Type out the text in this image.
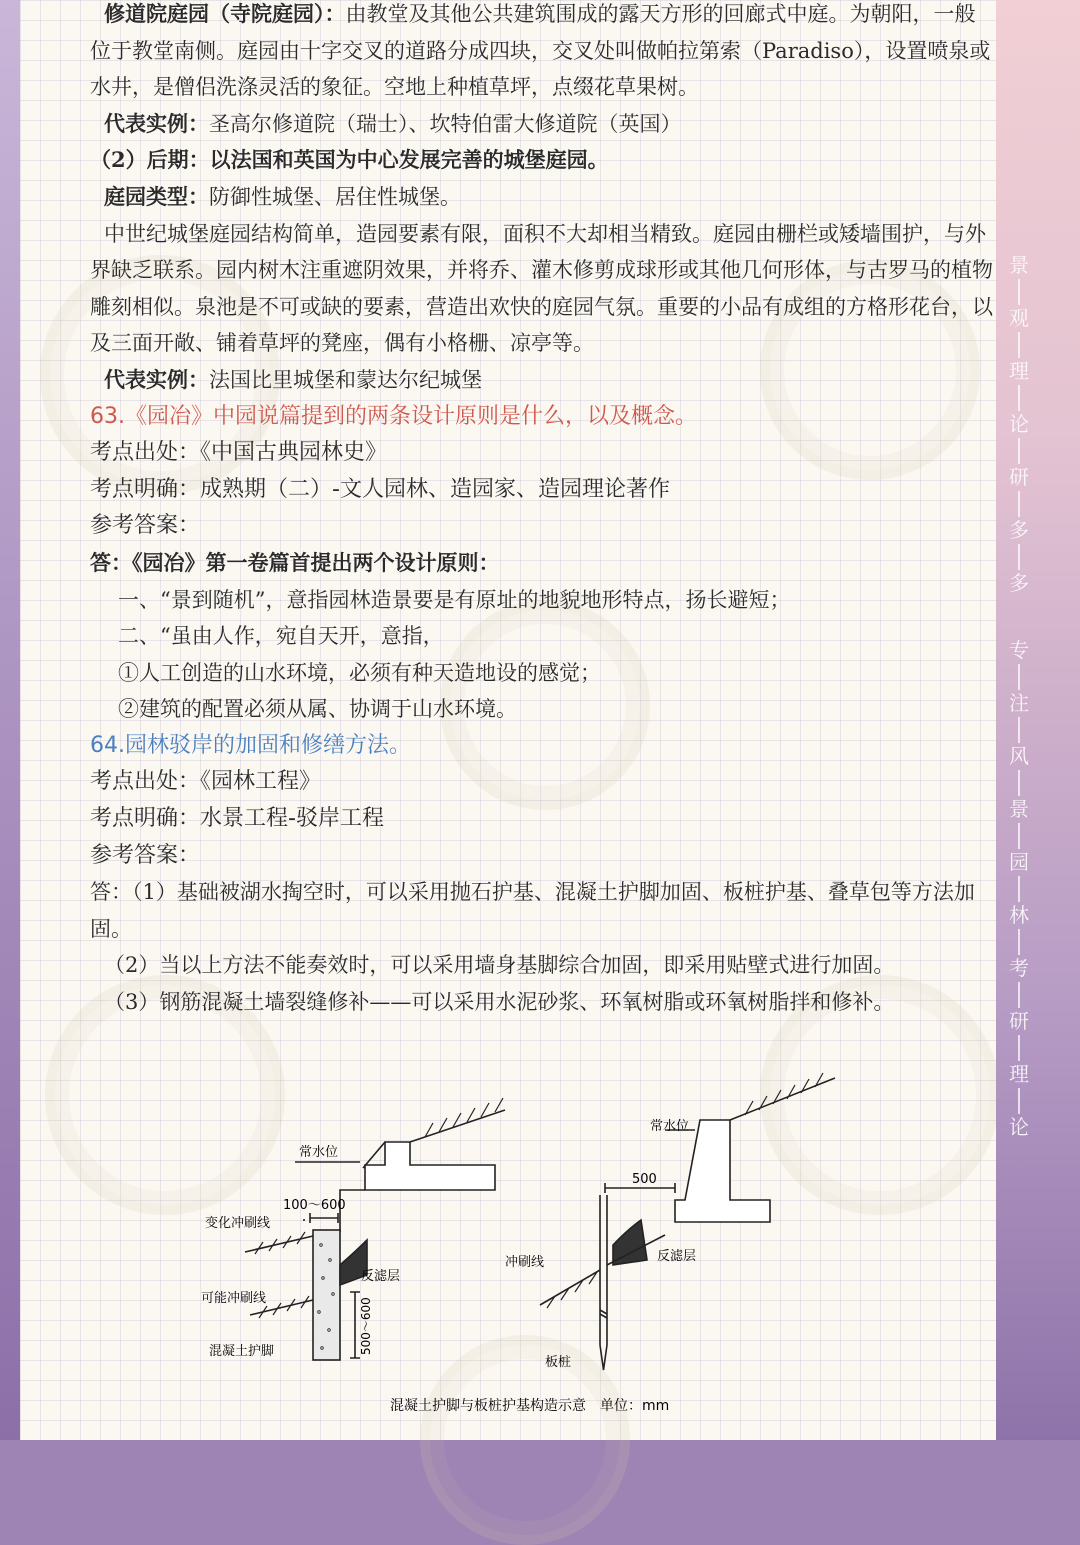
景
观
理
论
研
多
多
专
注
风
景
园
林
考
研
理
论

修道院庭园（寺院庭园）：由教堂及其他公共建筑围成的露天方形的回廊式中庭。为朝阳，一般位于教堂南侧。庭园由十字交叉的道路分成四块，交叉处叫做帕拉第索（Paradiso），设置喷泉或水井，是僧侣洗涤灵活的象征。空地上种植草坪，点缀花草果树。

代表实例：圣高尔修道院（瑞士）、坎特伯雷大修道院（英国）

（2）后期：以法国和英国为中心发展完善的城堡庭园。

庭园类型：防御性城堡、居住性城堡。

中世纪城堡庭园结构简单，造园要素有限，面积不大却相当精致。庭园由栅栏或矮墙围护，与外界缺乏联系。园内树木注重遮阴效果，并将乔、灌木修剪成球形或其他几何形体，与古罗马的植物雕刻相似。泉池是不可或缺的要素，营造出欢快的庭园气氛。重要的小品有成组的方格形花台，以及三面开敞、铺着草坪的凳座，偶有小格栅、凉亭等。

代表实例：法国比里城堡和蒙达尔纪城堡

63.《园冶》中园说篇提到的两条设计原则是什么，以及概念。

考点出处：《中国古典园林史》

考点明确：成熟期（二）-文人园林、造园家、造园理论著作

参考答案：

答：《园冶》第一卷篇首提出两个设计原则：

一、“景到随机”，意指园林造景要是有原址的地貌地形特点，扬长避短；

二、“虽由人作，宛自天开，意指，

①人工创造的山水环境，必须有种天造地设的感觉；

②建筑的配置必须从属、协调于山水环境。

64.园林驳岸的加固和修缮方法。

考点出处：《园林工程》

考点明确：水景工程-驳岸工程

参考答案：

答：（1）基础被湖水掏空时，可以采用抛石护基、混凝土护脚加固、板桩护基、叠草包等方法加固。

（2）当以上方法不能奏效时，可以采用墙身基脚综合加固，即采用贴壁式进行加固。

（3）钢筋混凝土墙裂缝修补——可以采用水泥砂浆、环氧树脂或环氧树脂拌和修补。

常水位
100～600
变化冲刷线
反滤层
可能冲刷线	500～600
混凝土护脚
常水位
500
冲刷线	反滤层
板桩
混凝土护脚与板桩护基构造示意　单位：mm
